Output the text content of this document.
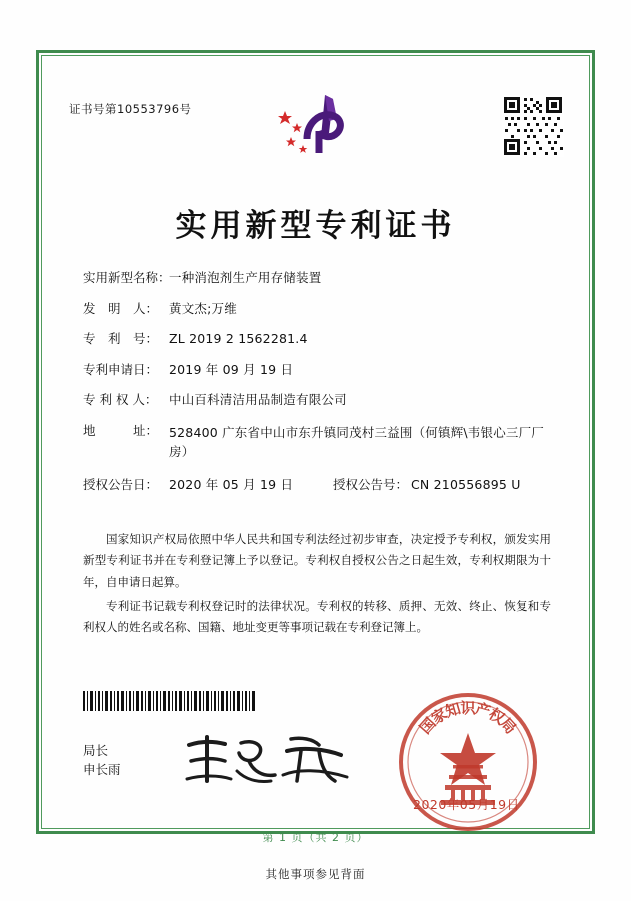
证书号第10553796号
实用新型专利证书
实用新型名称：
一种消泡剂生产用存储装置
发　明　人： 黄文杰;万维
专　利　号： ZL 2019 2 1562281.4
专利申请日： 2019 年 09 月 19 日
专 利 权 人： 中山百科清洁用品制造有限公司
地　　　址： 528400 广东省中山市东升镇同茂村三益围（何镇辉\韦银心三厂厂房）
授权公告日： 2020 年 05 月 19 日	授权公告号： CN 210556895 U
国家知识产权局依照中华人民共和国专利法经过初步审查，决定授予专利权，颁发实用新型专利证书并在专利登记簿上予以登记。专利权自授权公告之日起生效，专利权期限为十年，自申请日起算。
专利证书记载专利权登记时的法律状况。专利权的转移、质押、无效、终止、恢复和专利权人的姓名或名称、国籍、地址变更等事项记载在专利登记簿上。
局长
申长雨
国
家
知
识
产
权
局
2020年05月19日
第 1 页（共 2 页）
其他事项参见背面
